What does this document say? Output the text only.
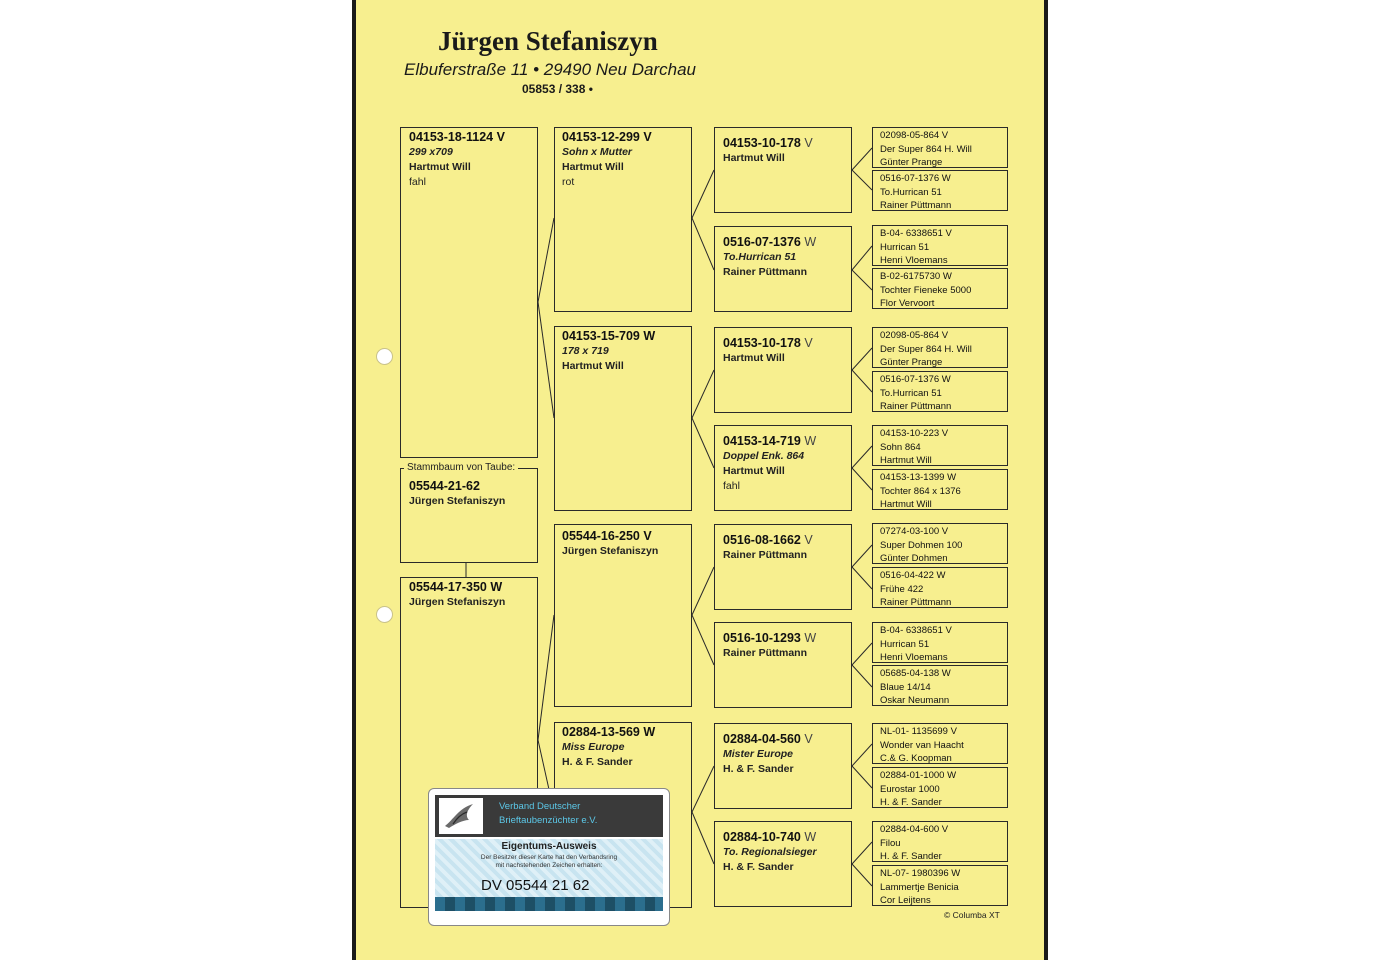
Jürgen Stefaniszyn
Elbuferstraße 11 • 29490 Neu Darchau
05853 / 338 •
04153-18-1124 V
299 x709
Hartmut Will
fahl
05544-21-62
Jürgen Stefaniszyn
Stammbaum von Taube:
05544-17-350 W
Jürgen Stefaniszyn
04153-12-299 V
Sohn x Mutter
Hartmut Will
rot
04153-15-709 W
178 x 719
Hartmut Will
05544-16-250 V
Jürgen Stefaniszyn
02884-13-569 W
Miss Europe
H. & F. Sander
04153-10-178 V
Hartmut Will
0516-07-1376 W
To.Hurrican 51
Rainer Püttmann
04153-10-178 V
Hartmut Will
04153-14-719 W
Doppel Enk. 864
Hartmut Will
fahl
0516-08-1662 V
Rainer Püttmann
0516-10-1293 W
Rainer Püttmann
02884-04-560 V
Mister Europe
H. & F. Sander
02884-10-740 W
To. Regionalsieger
H. & F. Sander
02098-05-864 V
Der Super 864 H. Will
Günter Prange
0516-07-1376 W
To.Hurrican 51
Rainer Püttmann
B-04- 6338651 V
Hurrican 51
Henri Vloemans
B-02-6175730 W
Tochter Fieneke 5000
Flor Vervoort
02098-05-864 V
Der Super 864 H. Will
Günter Prange
0516-07-1376 W
To.Hurrican 51
Rainer Püttmann
04153-10-223 V
Sohn 864
Hartmut Will
04153-13-1399 W
Tochter 864 x 1376
Hartmut Will
07274-03-100 V
Super Dohmen 100
Günter Dohmen
0516-04-422 W
Frühe 422
Rainer Püttmann
B-04- 6338651 V
Hurrican 51
Henri Vloemans
05685-04-138 W
Blaue 14/14
Oskar Neumann
NL-01- 1135699 V
Wonder van Haacht
C.& G. Koopman
02884-01-1000 W
Eurostar 1000
H. & F. Sander
02884-04-600 V
Filou
H. & F. Sander
NL-07- 1980396 W
Lammertje Benicia
Cor Leijtens
Verband Deutscher
Brieftaubenzüchter e.V.
Eigentums-Ausweis
Der Besitzer dieser Karte hat den Verbandsring
mit nachstehenden Zeichen erhalten:
DV 05544 21 62
© Columba XT
